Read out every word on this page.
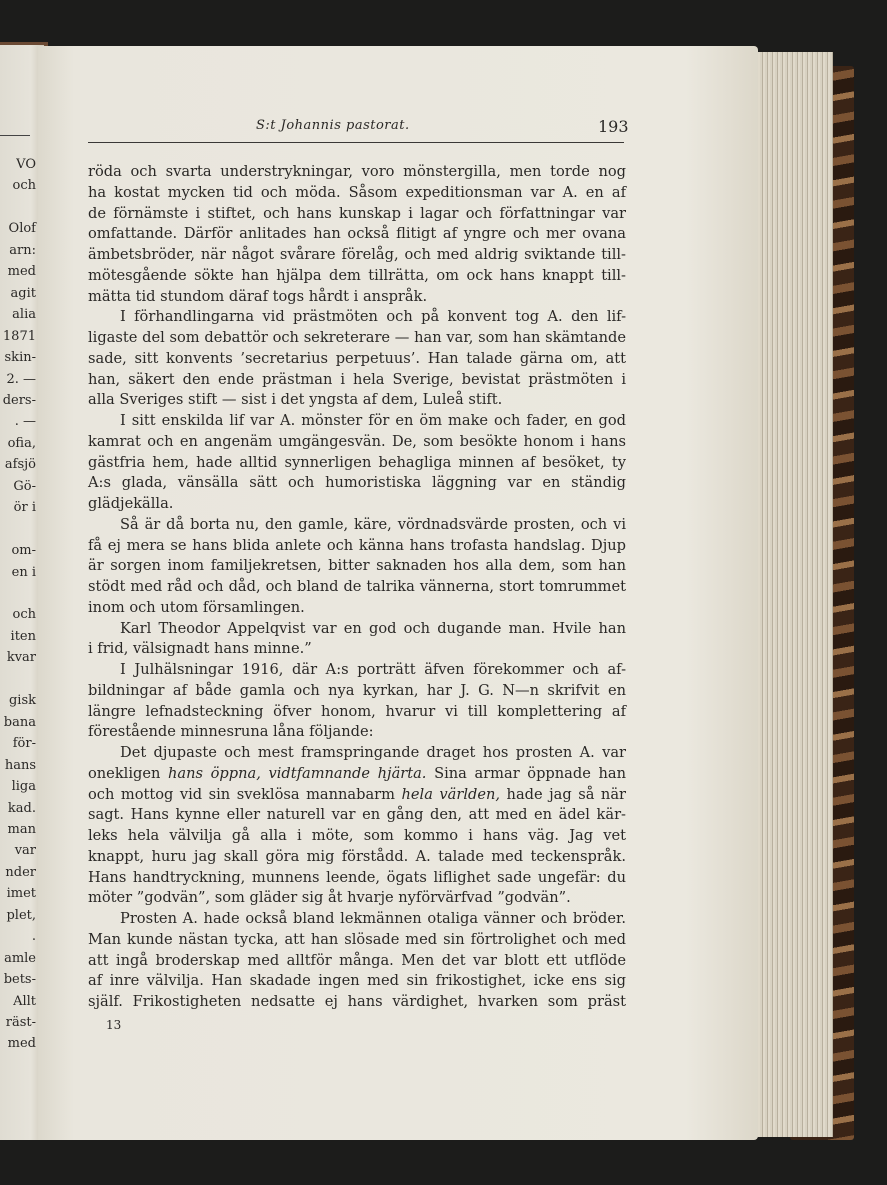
VO
och
Olof
arn:
med
agit
alia
1871
skin-
2. —
ders-
. —
ofia,
afsjö
Gö-
ör i
om-
en i
och
iten
kvar
gisk
bana
för-
hans
liga
kad.
man
var
nder
imet
plet,
.
amle
bets-
Allt
räst-
med
S:t Johannis pastorat.	193
röda och svarta understrykningar, voro mönstergilla, men torde nog
ha kostat mycken tid och möda. Såsom expeditionsman var A. en af
de förnämste i stiftet, och hans kunskap i lagar och författningar var
omfattande. Därför anlitades han också flitigt af yngre och mer ovana
ämbetsbröder, när något svårare förelåg, och med aldrig sviktande till-
mötesgående sökte han hjälpa dem tillrätta, om ock hans knappt till-
mätta tid stundom däraf togs hårdt i anspråk.
I förhandlingarna vid prästmöten och på konvent tog A. den lif-
ligaste del som debattör och sekreterare — han var, som han skämtande
sade, sitt konvents ’secretarius perpetuus’. Han talade gärna om, att
han, säkert den ende prästman i hela Sverige, bevistat prästmöten i
alla Sveriges stift — sist i det yngsta af dem, Luleå stift.
I sitt enskilda lif var A. mönster för en öm make och fader, en god
kamrat och en angenäm umgängesvän. De, som besökte honom i hans
gästfria hem, hade alltid synnerligen behagliga minnen af besöket, ty
A:s glada, vänsälla sätt och humoristiska läggning var en ständig
glädjekälla.
Så är då borta nu, den gamle, käre, vördnadsvärde prosten, och vi
få ej mera se hans blida anlete och känna hans trofasta handslag. Djup
är sorgen inom familjekretsen, bitter saknaden hos alla dem, som han
stödt med råd och dåd, och bland de talrika vännerna, stort tomrummet
inom och utom församlingen.
Karl Theodor Appelqvist var en god och dugande man. Hvile han
i frid, välsignadt hans minne.”
I Julhälsningar 1916, där A:s porträtt äfven förekommer och af-
bildningar af både gamla och nya kyrkan, har J. G. N—n skrifvit en
längre lefnadsteckning öfver honom, hvarur vi till komplettering af
förestående minnesruna låna följande:
Det djupaste och mest framspringande draget hos prosten A. var
onekligen hans öppna, vidtfamnande hjärta. Sina armar öppnade han
och mottog vid sin sveklösa mannabarm hela världen, hade jag så när
sagt. Hans kynne eller naturell var en gång den, att med en ädel kär-
leks hela välvilja gå alla i möte, som kommo i hans väg. Jag vet
knappt, huru jag skall göra mig förstådd. A. talade med teckenspråk.
Hans handtryckning, munnens leende, ögats liflighet sade ungefär: du
möter ”godvän”, som gläder sig åt hvarje nyförvärfvad ”godvän”.
Prosten A. hade också bland lekmännen otaliga vänner och bröder.
Man kunde nästan tycka, att han slösade med sin förtrolighet och med
att ingå broderskap med alltför många. Men det var blott ett utflöde
af inre välvilja. Han skadade ingen med sin frikostighet, icke ens sig
själf. Frikostigheten nedsatte ej hans värdighet, hvarken som präst
13
